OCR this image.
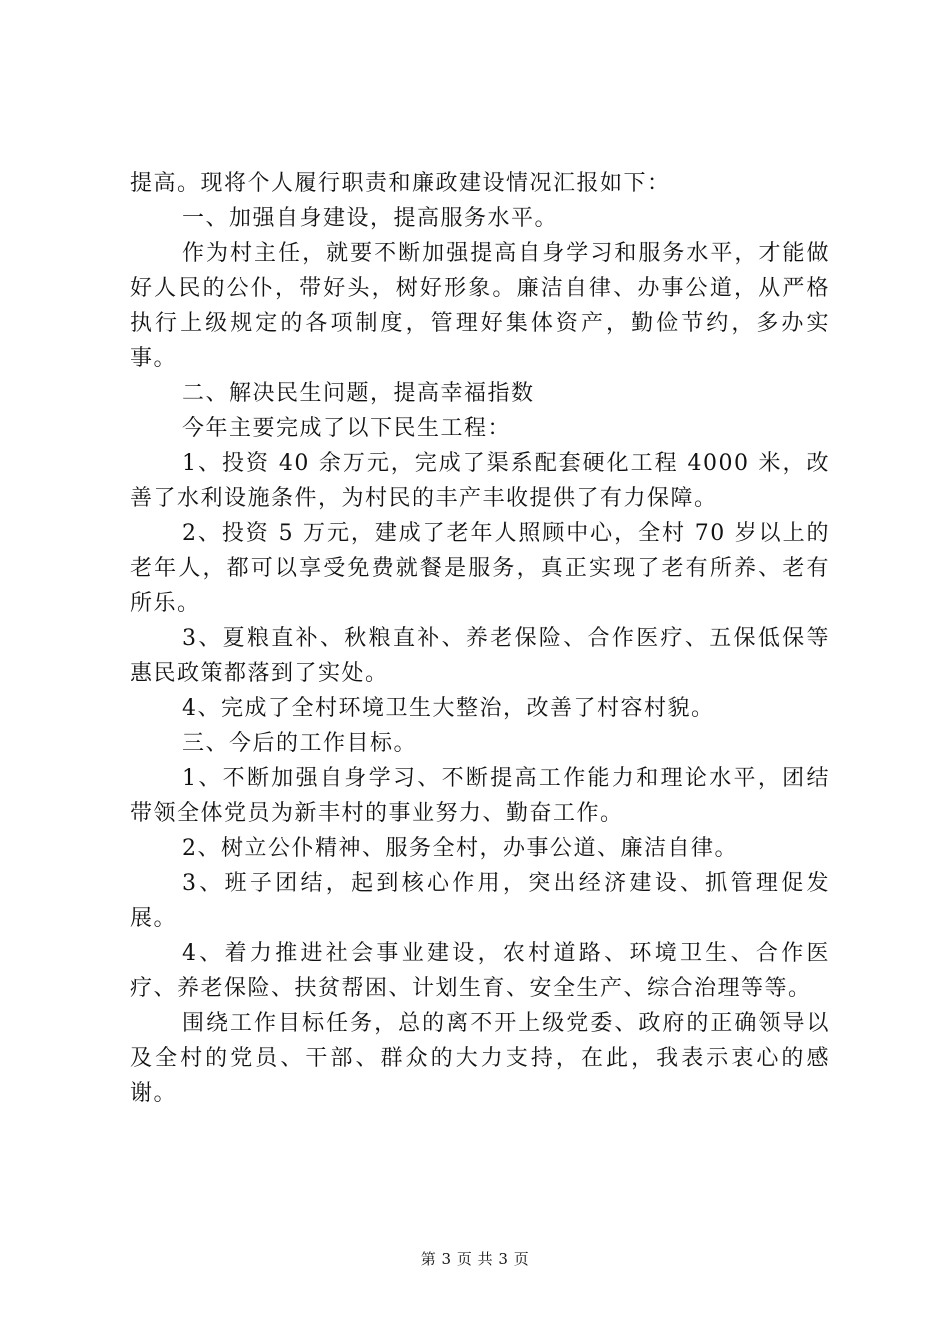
提高。现将个人履行职责和廉政建设情况汇报如下：

一、加强自身建设，提高服务水平。

作为村主任，就要不断加强提高自身学习和服务水平，才能做好人民的公仆，带好头，树好形象。廉洁自律、办事公道，从严格执行上级规定的各项制度，管理好集体资产，勤俭节约，多办实事。

二、解决民生问题，提高幸福指数

今年主要完成了以下民生工程：

1、投资 40 余万元，完成了渠系配套硬化工程 4000 米，改善了水利设施条件，为村民的丰产丰收提供了有力保障。

2、投资 5 万元，建成了老年人照顾中心，全村 70 岁以上的老年人，都可以享受免费就餐是服务，真正实现了老有所养、老有所乐。

3、夏粮直补、秋粮直补、养老保险、合作医疗、五保低保等惠民政策都落到了实处。

4、完成了全村环境卫生大整治，改善了村容村貌。

三、今后的工作目标。

1、不断加强自身学习、不断提高工作能力和理论水平，团结带领全体党员为新丰村的事业努力、勤奋工作。

2、树立公仆精神、服务全村，办事公道、廉洁自律。

3、班子团结，起到核心作用，突出经济建设、抓管理促发展。

4、着力推进社会事业建设，农村道路、环境卫生、合作医疗、养老保险、扶贫帮困、计划生育、安全生产、综合治理等等。

围绕工作目标任务，总的离不开上级党委、政府的正确领导以及全村的党员、干部、群众的大力支持，在此，我表示衷心的感谢。

第 3 页 共 3 页
